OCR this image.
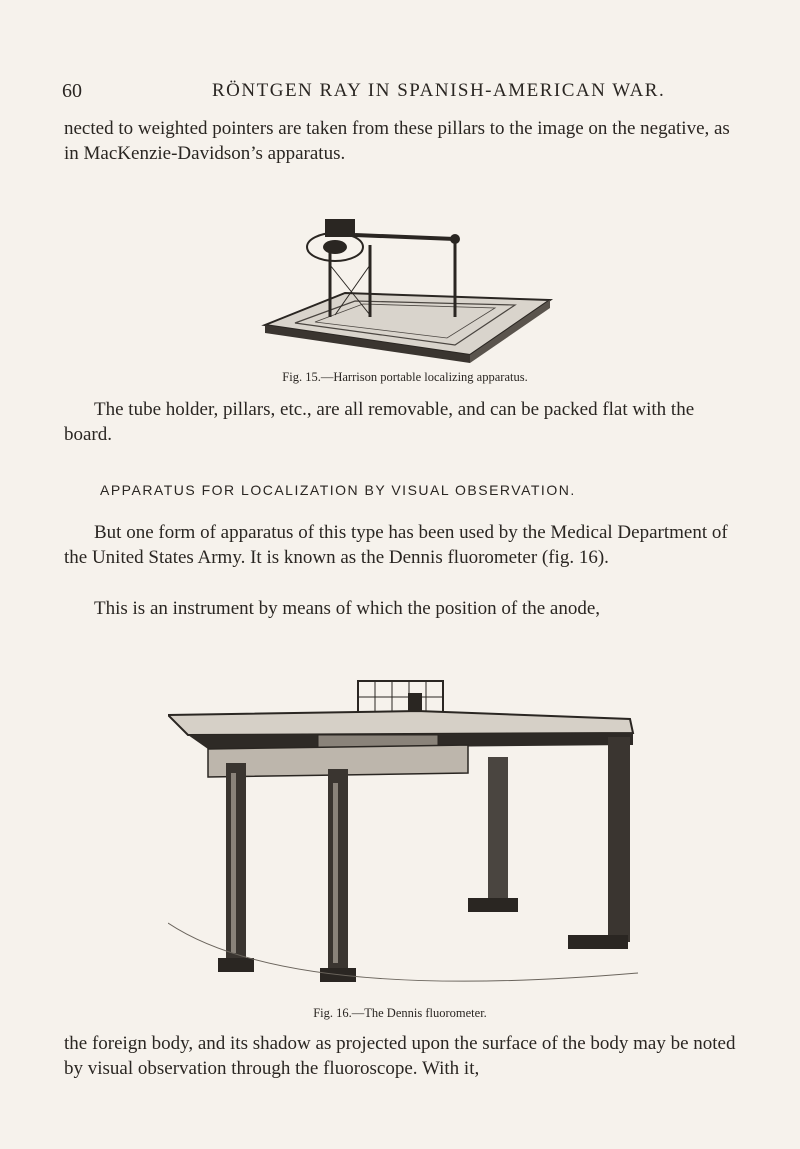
60	RÖNTGEN RAY IN SPANISH-AMERICAN WAR.

nected to weighted pointers are taken from these pillars to the image on the negative, as in MacKenzie-Davidson’s apparatus.

Fig. 15.—Harrison portable localizing apparatus.

The tube holder, pillars, etc., are all removable, and can be packed flat with the board.

APPARATUS FOR LOCALIZATION BY VISUAL OBSERVATION.

But one form of apparatus of this type has been used by the Medical Department of the United States Army. It is known as the Dennis fluorometer (fig. 16).

This is an instrument by means of which the position of the anode,

Fig. 16.—The Dennis fluorometer.

the foreign body, and its shadow as projected upon the surface of the body may be noted by visual observation through the fluoroscope. With it,
